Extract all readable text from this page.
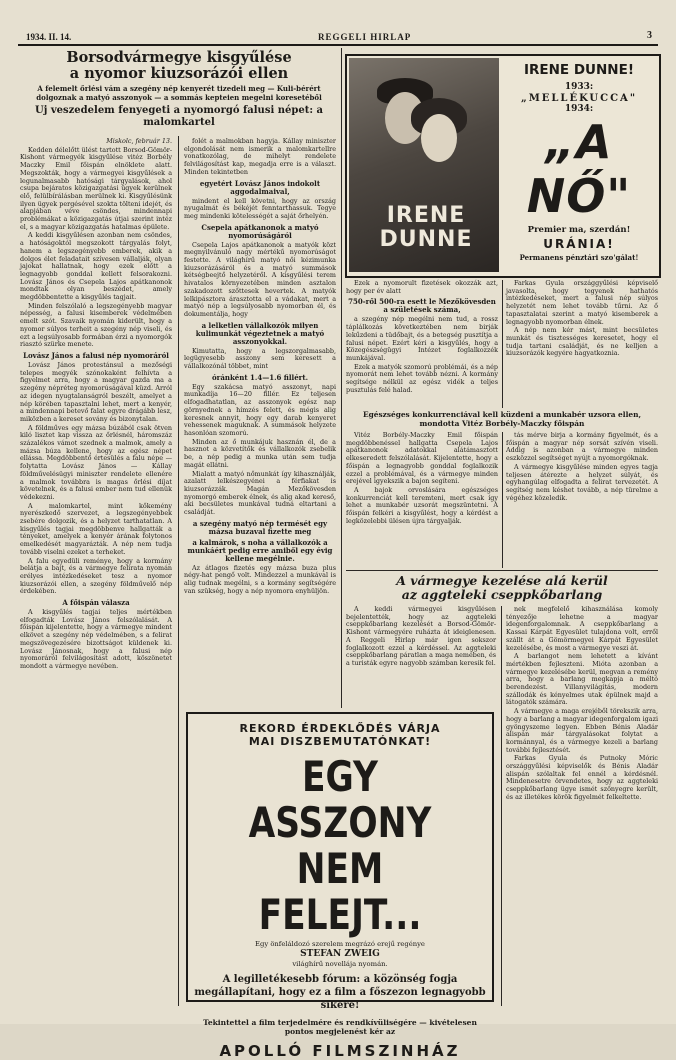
1934. II. 14.	REGGELI HIRLAP	3
Borsodvármegye kisgyűlése
a nyomor kiuzsorázói ellen
A felemelt őrlési vám a szegény nép kenyerét tizedeli meg — Kuli-bérért dolgoznak a matyó asszonyok — a sommás kepteien megelni koresetéből
Uj veszedelem fenyegeti a nyomorgó falusi népet: a malomkartel

Miskolc, február 13.

Kedden délelőtt ülést tartott Borsod-Gömör-Kishont vármegyék kisgyűlése vitéz Borbély Maczky Emil főispán elnöklete alatt. Megszokták, hogy a vármegyei kisgyűlések a legunalmasabb hatósági tárgyalások, ahol csupa bejáratos közigazgatási ügyek kerülnek elő, felülbírálásban merülnek ki. Kisgyűlésünk ilyen ügyek pergésével szokta tölteni idejét, és alapjában véve csöndes, mindennapi problémákat a közigazgatás útjai szerint intéz el, s a magyar közigazgatás hatalmas épülete.

A keddi kisgyűlésen azonban nem csöndes, a hatóságoktól megszokott tárgyalás folyt, hanem a legszegényebb emberek, akik a dolgos élet feladatait szívesen vállalják, olyan jajokat hallatnak, hogy ezek előtt a legnagyobb gonddal kellett felsorakozni. Lovász János és Csepela Lajos apátkanonok mondtak olyan beszédet, amely megdöbbentette a kisgyűlés tagjait.

Minden felszólaló a legszegényebb magyar népesség, a falusi kisemberek védelmében emelt szót. Szavaik nyomán kiderült, hogy a nyomor súlyos terheit a szegény nép viseli, és ezt a legsúlyosabb formában érzi a nyomorgók riasztó szürke menete.

Lovász János a falusi nép nyomoráról

Lovász János protestánsul a mezőségi telepes megyék szónokaként felhívta a figyelmet arra, hogy a magyar gazda ma a szegény népréteg nyomorúságával küzd. Arról az idegen nyugtalanságról beszélt, amelyet a nép körében tapasztalni lehet, mert a kenyér, a mindennapi betevő falat egyre drágább lesz, miközben a kereset sovány és bizonytalan.

A földműves egy mázsa búzából csak ötven kiló lisztet kap vissza az őrlésnél, háromszáz százalékos vámot szednek a malmok, amely a mázsa búza kellene, hogy az egész népet ellássa. Megdöbbentő értesülés a falu népe — folytatta Lovász János — Kállay földművelésügyi miniszter rendelete ellenére a malmok továbbra is magas őrlési díjat követelnek, és a falusi ember nem tud ellenük védekezni.

A malomkartel, mint kőkemény nyerészkedő szervezet, a legszegényebbek zsebére dolgozik, és a helyzet tarthatatlan. A kisgyűlés tagjai megdöbbenve hallgatták a tényeket, amelyek a kenyér árának folytonos emelkedését magyarázták. A nép nem tudja tovább viselni ezeket a terheket.

A falu egyedüli reménye, hogy a kormány belátja a bajt, és a vármegye felirata nyomán erélyes intézkedéseket tesz a nyomor kiuzsorázói ellen, a szegény földművelő nép érdekében.

A főispán válasza

A kisgyűlés tagjai teljes mértékben elfogadták Lovász János felszólalását. A főispán kijelentette, hogy a vármegye mindent elkövet a szegény nép védelmében, s a felirat megszövegezésére bizottságot küldenek ki. Lovász Jánosnak, hogy a falusi nép nyomoráról felvilágosítást adott, köszönetet mondott a vármegye nevében.

folét a malmokban hagyja. Kállay miniszter elgondolását nem ismerik a malomkartellre vonatkozólag, de mihelyt rendelete felvilágosítást kap, megadja erre is a választ. Minden tekintetben

egyetért Lovász János indokolt aggodalmaival,

mindent el kell követni, hogy az ország nyugalmát és békéjét fenntarthassuk. Tegye meg mindenki kötelességét a saját őrhelyén.

Csepela apátkanonok a matyó nyomorúságáról

Csepela Lajos apátkanonok a matyók közt megnyilvánuló nagy mértékű nyomorúságot festette. A világhírű matyó női kézimunka kiuzsorázásáról és a matyó summások kétségbeejtő helyzetéről. A kisgyűlési terem hivatalos környezetében minden asztalon szakadozott szőttesek hevertek. A matyók lelkipásztora árasztotta el a vádakat, mert a matyó nép a legsúlyosabb nyomorban él, és dokumentálja, hogy

a lelketlen vállalkozók milyen kulimunkát végeztetnek a matyó asszonyokkal.

Kimutatta, hogy a legszorgalmasabb, legügyesebb asszony sem keresett a vállalkozónál többet, mint

óránként 1.4—1.6 fillért.

Egy szakácsa matyó asszonyt, napi munkadíja 16—20 fillér. Ez teljesen elfogadhatatlan, az asszonyok egész nap görnyednek a hímzés felett, és mégis alig keresnek annyit, hogy egy darab kenyeret vehessenek maguknak. A summások helyzete hasonlóan szomorú.

Minden az ő munkájuk hasznán él, de a hasznot a közvetítők és vállalkozók zsebelik be, a nép pedig a munka után sem tudja magát ellátni.

Mialatt a matyó nőmunkát így kihasználják, azalatt lelkészegyénei a férfiakat is kiuzsorázzák. Magán Mezőkövesden nyomorgó emberek élnek, és alig akad kereső, aki becsületes munkával tudná eltartani a családját.

a szegény matyó nép termését egy mázsa buzaval fizette meg
a kalmárok, s noha a vállalkozók a munkáért pedig erre amiből egy évig kellene megélnie.

Az átlagos fizetés egy mázsa buza plus négy-hat pengő volt. Mindezzel a munkával is alig tudnak megélni, s a kormány segítségére van szükség, hogy a nép nyomora enyhüljön.

IRENE DUNNE
IRENE DUNNE!
1933:
„MELLÉKUCCA"
1934:
„A NŐ"
Premier ma, szerdán!
URÁNIA!
Permanens pénztári szo'gálat!

Ezek a nyomorult fizetések okozzák azt, hogy per év alatt

750-ről 500-ra esett le Mezőkövesden a születések száma,

a szegény nép megélni nem tud, a rossz táplálkozás következtében nem birják lekűzdeni a tüdőbajt, és a betegség pusztítja a falusi népet. Ezért kéri a kisgyűlés, hogy a Közegészségügyi Intézet foglalkozzék munkájával.

Ezek a matyók szomorú problémái, és a nép nyomorát nem lehet tovább nézni. A kormány segítsége nélkül az egész vidék a teljes pusztulás felé halad.

Farkas Gyula országgyűlési képviselő javasolta, hogy tegyenek hathatós intézkedéseket, mert a falusi nép súlyos helyzetét nem lehet tovább tűrni. Az ő tapasztalatai szerint a matyó kisemberek a legnagyobb nyomorban élnek.

A nép nem kér mást, mint becsületes munkát és tisztességes keresetet, hogy el tudja tartani családját, és ne kelljen a kiuzsorázók kegyére hagyatkoznia.

Egészséges konkurrenciával kell küzdeni a munkabér uzsora ellen, mondotta Vitéz Borbély-Maczky főispán

Vitéz Borbély-Maczky Emil főispán megdöbbenéssel hallgatta Csepela Lajos apátkanonok adatokkal alátámasztott elkeseredett felszólalását. Kijelentette, hogy a főispán a legnagyobb gonddal foglalkozik ezzel a problémával, és a vármegye minden erejével igyekszik a bajon segíteni.

A bajok orvoslására egészséges konkurrenciát kell teremteni, mert csak így lehet a munkabér uzsorát megszüntetni. A főispán felkéri a kisgyűlést, hogy a kérdést a legközelebbi ülésen újra tárgyalják.

tás mérve birja a kormány figyelmét, és a főispán a magyar nép sorsát szívén viseli. Addig is azonban a vármegye minden eszközzel segítséget nyújt a nyomorgóknak.

A vármegye kisgyűlése minden egyes tagja teljesen átérezte a helyzet súlyát, és egyhangúlag elfogadta a felirat tervezetét. A segítség nem késhet tovább, a nép türelme a végéhez közeledik.

A vármegye kezelése alá kerül
az aggteleki cseppkőbarlang

A keddi vármegyei kisgyűlésen bejelentették, hogy az aggteleki cseppkőbarlang kezelését a Borsod-Gömör-Kishont vármegyére ruházta át ideiglenesen. A Reggeli Hirlap már igen sokszor foglalkozott ezzel a kérdéssel. Az aggteleki cseppkőbarlang páratlan a maga nemében, és a turisták egyre nagyobb számban keresik fel.

nek megfelelő kihasználása komoly tényezője lehetne a magyar idegenforgalomnak. A cseppkőbarlang a Kassai Kárpát Egyesület tulajdona volt, erről szállt át a Gömörmegyei Kárpát Egyesület kezelésébe, és most a vármegye veszi át.

A barlangot nem lehetett a kívánt mértékben fejleszteni. Mióta azonban a vármegye kezelésébe kerül, megvan a remény arra, hogy a barlang megkapja a méltó berendezést. Villanyvilágítás, modern szállodák és kényelmes utak épülnek majd a látogatók számára.

A vármegye a maga erejéből törekszik arra, hogy a barlang a magyar idegenforgalom igazi gyöngyszeme legyen. Ebben Bénis Aladár alispán már tárgyalásokat folytat a kormánnyal, és a vármegye kezeli a barlang további fejlesztését.

Farkas Gyula és Putnoky Móric országgyűlési képviselők és Bénis Aladár alispán szólaltak fel ennél a kérdésnél. Mindenesetre örvendetes, hogy az aggteleki cseppkőbarlang ügye ismét szőnyegre került, és az illetékes körök figyelmét felkeltette.

REKORD ÉRDEKLŐDÉS VÁRJA
MAI DISZBEMUTATÓNKAT!
EGY ASSZONY
NEM FELEJT...
Egy önfeláldozó szerelem megrázó erejű regénye
STEFAN ZWEIG
világhírű novellája nyomán.
A legilletékesebb fórum: a közönség fogja megállapítani, hogy ez a film a főszezon legnagyobb sikere!
Tekintettel a film terjedelmére és rendkívüliségére — kivételesen pontos megjelenést kér az
APOLLÓ FILMSZINHÁZ
